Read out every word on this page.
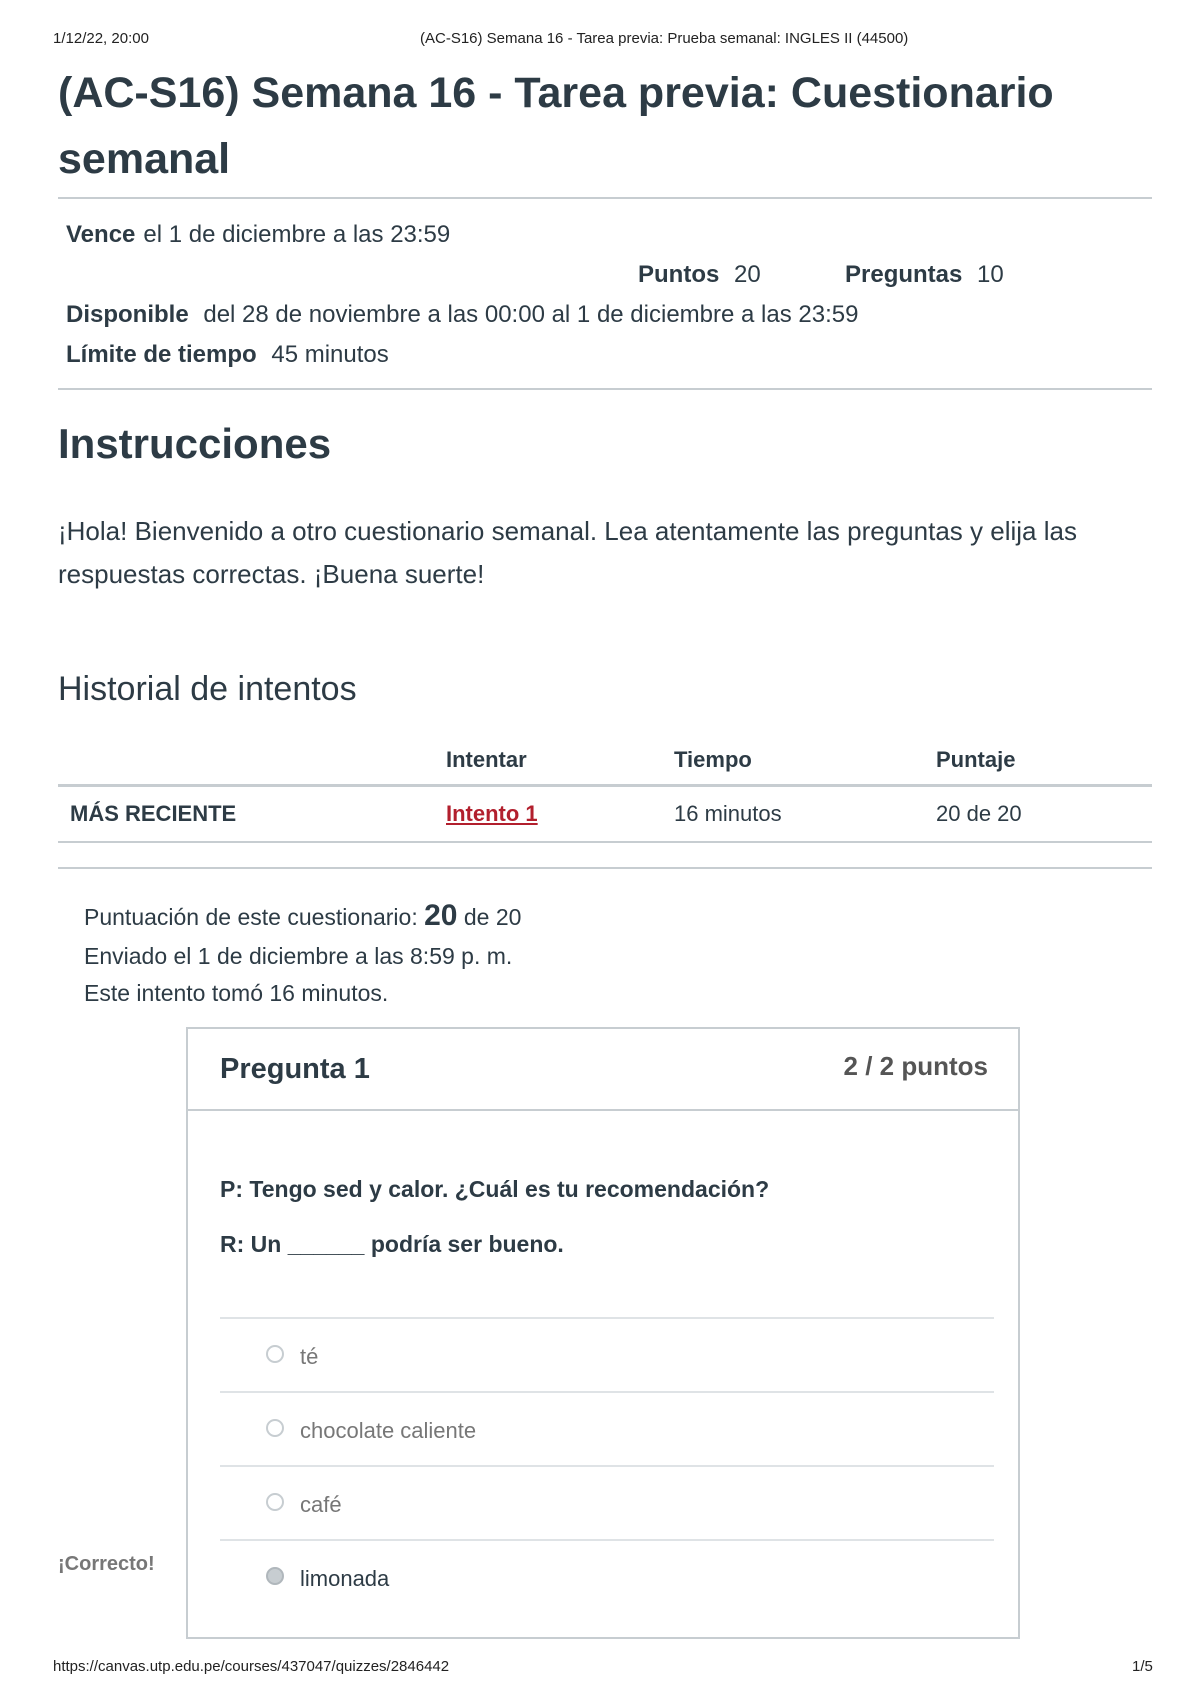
1/12/22, 20:00	(AC-S16) Semana 16 - Tarea previa: Prueba semanal: INGLES II (44500)
(AC-S16) Semana 16 - Tarea previa: Cuestionario semanal
Vence el 1 de diciembre a las 23:59
Puntos 20	Preguntas 10
Disponible del 28 de noviembre a las 00:00 al 1 de diciembre a las 23:59
Límite de tiempo 45 minutos
Instrucciones
¡Hola! Bienvenido a otro cuestionario semanal. Lea atentamente las preguntas y elija las respuestas correctas. ¡Buena suerte!
Historial de intentos
	Intentar	Tiempo	Puntaje
MÁS RECIENTE	Intento 1	16 minutos	20 de 20
Puntuación de este cuestionario: 20 de 20
Enviado el 1 de diciembre a las 8:59 p. m.
Este intento tomó 16 minutos.
Pregunta 1	2 / 2 puntos
P: Tengo sed y calor. ¿Cuál es tu recomendación?
R: Un ______ podría ser bueno.
té
chocolate caliente
café
limonada
¡Correcto!
https://canvas.utp.edu.pe/courses/437047/quizzes/2846442	1/5
